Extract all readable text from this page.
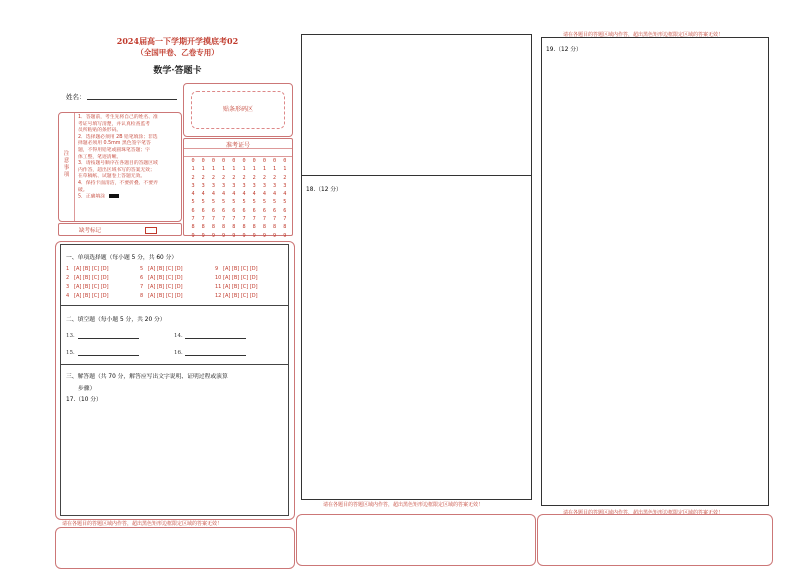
2024届高一下学期开学摸底考02
（全国甲卷、乙卷专用）
数学·答题卡
姓名：
贴条形码区
注意事项
1．答题前，考生先将自己的姓名、准
考证号填写清楚，并认真检查监考
员所粘贴的条形码。
2．选择题必须用 2B 铅笔填涂；非选
择题必须用 0.5mm 黑色签字笔答
题，不得用铅笔或圆珠笔答题；字
体工整，笔迹清晰。
3．请按题号顺序在各题目的答题区域
内作答，超出区域书写的答案无效；
在草稿纸、试题卷上答题无效。
4．保持卡面清洁，不要折叠、不要弄
破。
5．正确填涂
准考证号
0
1
2
3
4
5
6
7
8
9
0
1
2
3
4
5
6
7
8
9
0
1
2
3
4
5
6
7
8
9
0
1
2
3
4
5
6
7
8
9
0
1
2
3
4
5
6
7
8
9
0
1
2
3
4
5
6
7
8
9
0
1
2
3
4
5
6
7
8
9
0
1
2
3
4
5
6
7
8
9
0
1
2
3
4
5
6
7
8
9
0
1
2
3
4
5
6
7
8
9
缺考标记
一、单项选择题（每小题 5 分，共 60 分）
1 [A] [B] [C] [D]
2 [A] [B] [C] [D]
3 [A] [B] [C] [D]
4 [A] [B] [C] [D]
5 [A] [B] [C] [D]
6 [A] [B] [C] [D]
7 [A] [B] [C] [D]
8 [A] [B] [C] [D]
9 [A] [B] [C] [D]
10 [A] [B] [C] [D]
11 [A] [B] [C] [D]
12 [A] [B] [C] [D]
二、填空题（每小题 5 分，共 20 分）
13．	14．
15．	16．
三、解答题（共 70 分，解答应写出文字说明、证明过程或演算
步骤）
17.（10 分）
请在各题目的答题区域内作答，超出黑色矩形边框限定区域的答案无效！
18.（12 分）
请在各题目的答题区域内作答，超出黑色矩形边框限定区域的答案无效！
请在各题目的答题区域内作答，超出黑色矩形边框限定区域的答案无效！
19.（12 分）
请在各题目的答题区域内作答，超出黑色矩形边框限定区域的答案无效！
